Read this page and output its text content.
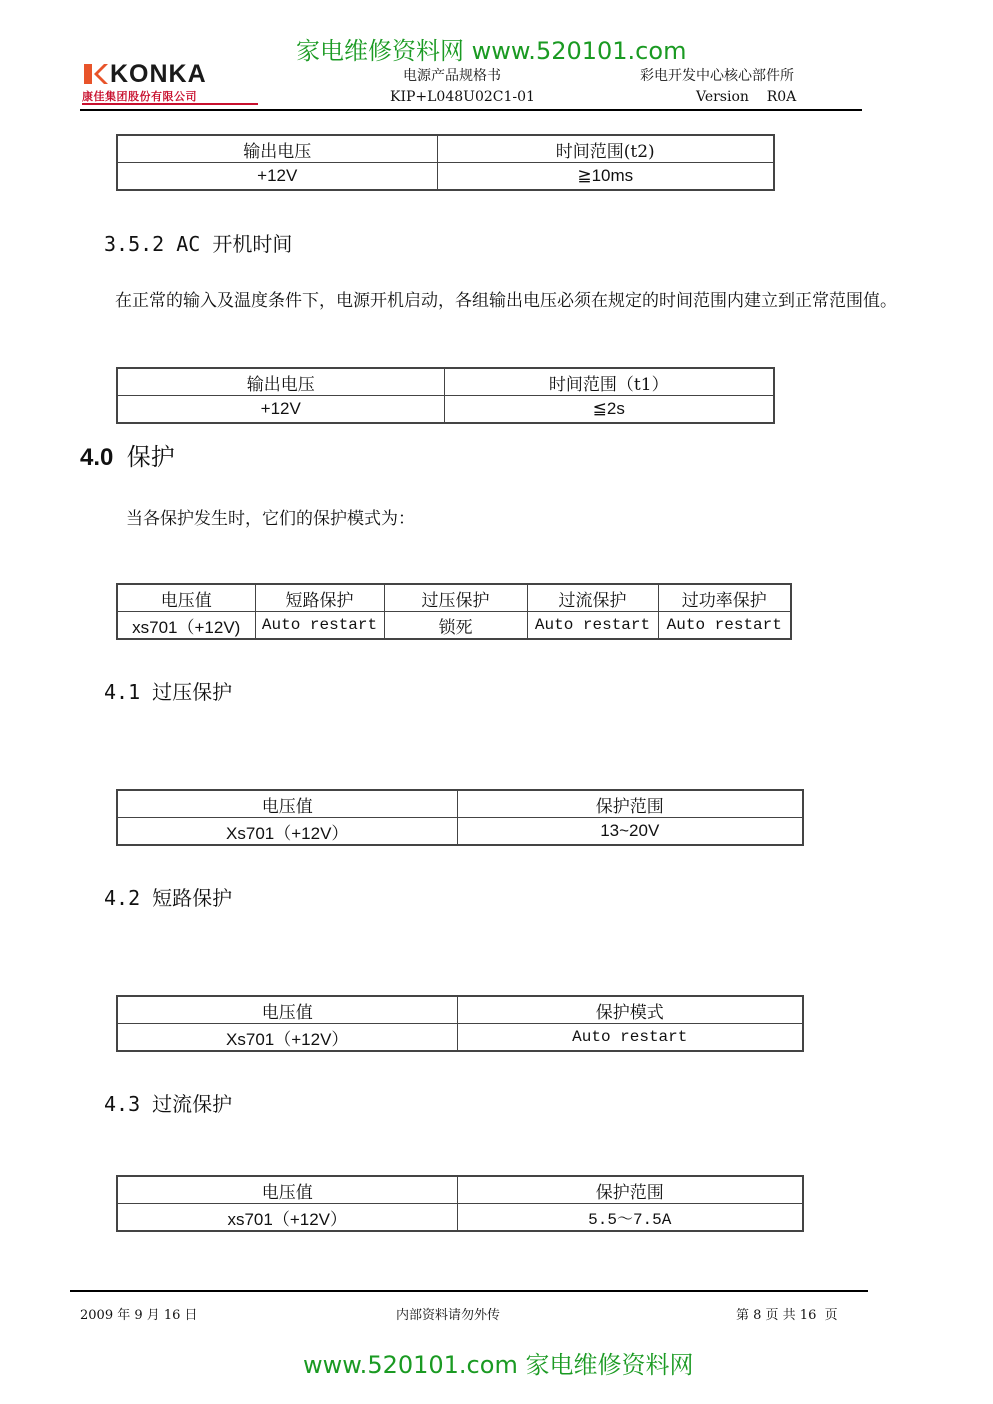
家电维修资料网 www.520101.com
KONKA
康佳集团股份有限公司
电源产品规格书	彩电开发中心核心部件所
KIP+L048U02C1-01	Version    R0A
输出电压	时间范围(t2)
+12V	≧10ms
3.5.2 AC 开机时间
在正常的输入及温度条件下，电源开机启动，各组输出电压必须在规定的时间范围内建立到正常范围值。
输出电压	时间范围（t1）
+12V	≦2s
4.0 保护
当各保护发生时，它们的保护模式为：
电压值	短路保护	过压保护	过流保护	过功率保护
xs701（+12V)	Auto restart	锁死	Auto restart	Auto restart
4.1 过压保护
电压值	保护范围
Xs701（+12V）	13~20V
4.2 短路保护
电压值	保护模式
Xs701（+12V）	Auto restart
4.3 过流保护
电压值	保护范围
xs701（+12V）	5.5～7.5A
2009 年 9 月 16 日	内部资料请勿外传	第 8 页 共 16  页
www.520101.com 家电维修资料网
